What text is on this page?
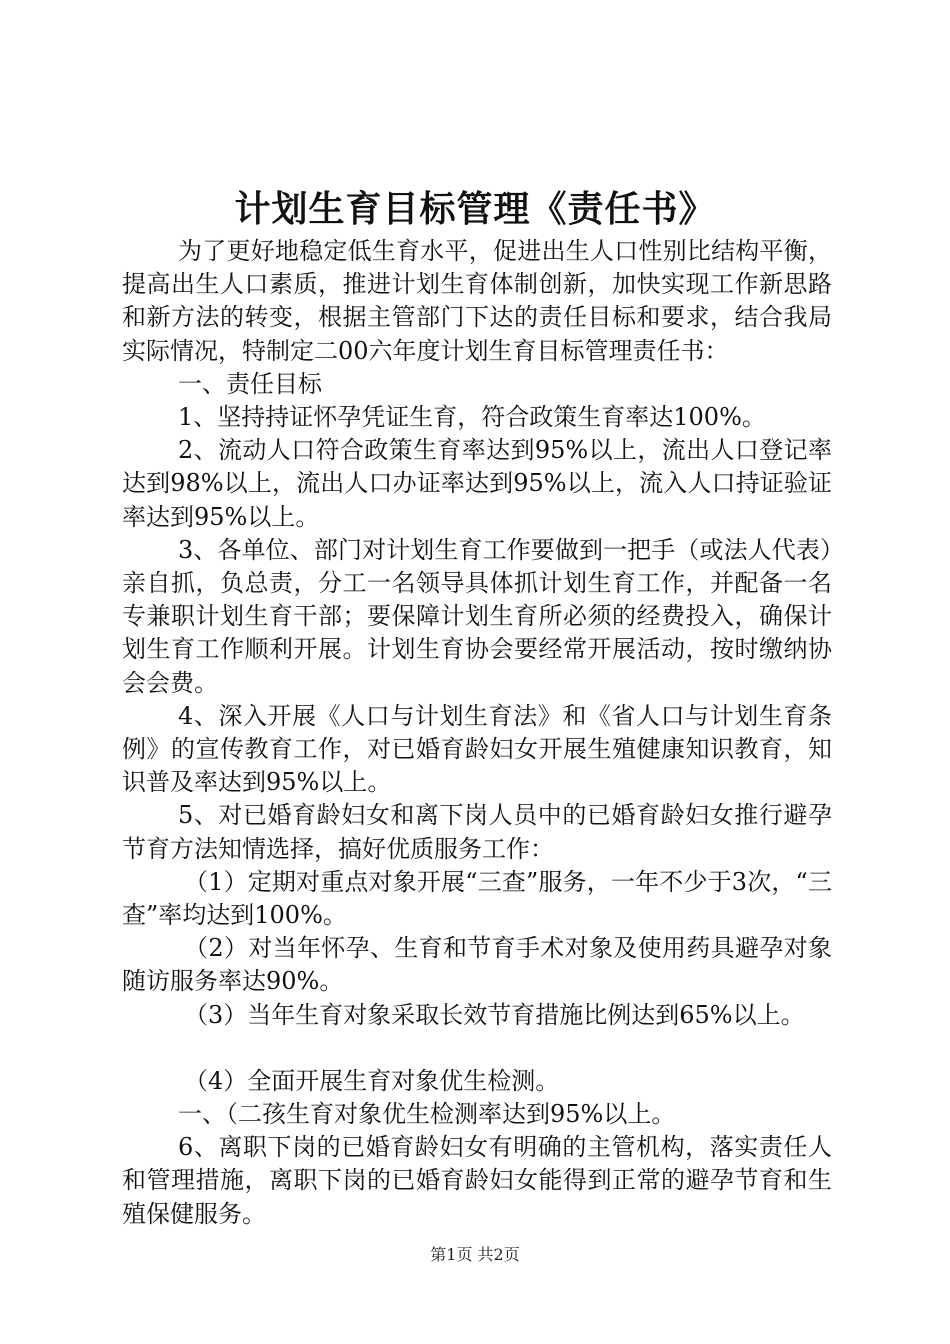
计划生育目标管理《责任书》

为了更好地稳定低生育水平，促进出生人口性别比结构平衡，提高出生人口素质，推进计划生育体制创新，加快实现工作新思路和新方法的转变，根据主管部门下达的责任目标和要求，结合我局实际情况，特制定二00六年度计划生育目标管理责任书：

一、责任目标

1、坚持持证怀孕凭证生育，符合政策生育率达100%。

2、流动人口符合政策生育率达到95%以上，流出人口登记率达到98%以上，流出人口办证率达到95%以上，流入人口持证验证率达到95%以上。

3、各单位、部门对计划生育工作要做到一把手（或法人代表）亲自抓，负总责，分工一名领导具体抓计划生育工作，并配备一名专兼职计划生育干部；要保障计划生育所必须的经费投入，确保计划生育工作顺利开展。计划生育协会要经常开展活动，按时缴纳协会会费。

4、深入开展《人口与计划生育法》和《省人口与计划生育条例》的宣传教育工作，对已婚育龄妇女开展生殖健康知识教育，知识普及率达到95%以上。

5、对已婚育龄妇女和离下岗人员中的已婚育龄妇女推行避孕节育方法知情选择，搞好优质服务工作：

（1）定期对重点对象开展“三查”服务，一年不少于3次，“三查”率均达到100%。

（2）对当年怀孕、生育和节育手术对象及使用药具避孕对象随访服务率达90%。

（3）当年生育对象采取长效节育措施比例达到65%以上。

（4）全面开展生育对象优生检测。

一、（二孩生育对象优生检测率达到95%以上。

6、离职下岗的已婚育龄妇女有明确的主管机构，落实责任人和管理措施，离职下岗的已婚育龄妇女能得到正常的避孕节育和生殖保健服务。

第1页 共2页
